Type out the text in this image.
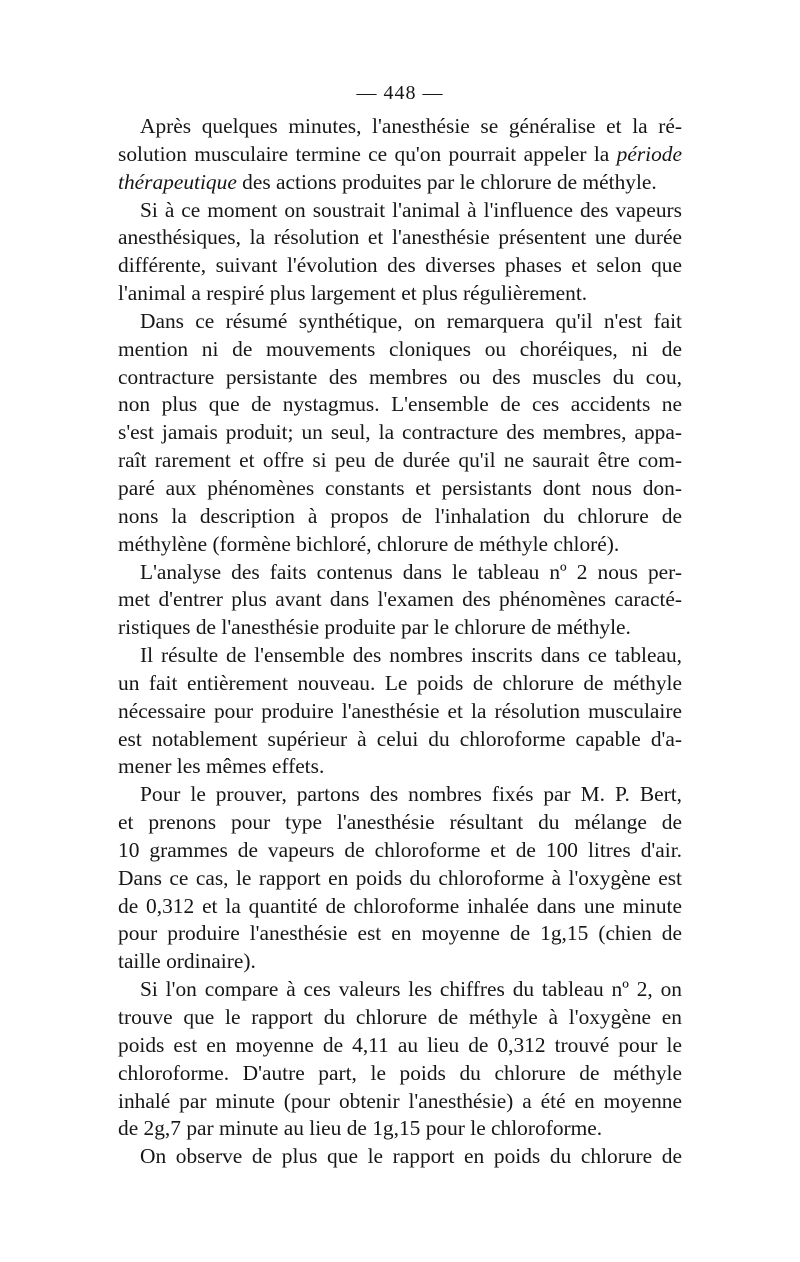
— 448 —
Après quelques minutes, l'anesthésie se généralise et la ré-
solution musculaire termine ce qu'on pourrait appeler la période
thérapeutique des actions produites par le chlorure de méthyle.
Si à ce moment on soustrait l'animal à l'influence des vapeurs
anesthésiques, la résolution et l'anesthésie présentent une durée
différente, suivant l'évolution des diverses phases et selon que
l'animal a respiré plus largement et plus régulièrement.
Dans ce résumé synthétique, on remarquera qu'il n'est fait
mention ni de mouvements cloniques ou choréiques, ni de
contracture persistante des membres ou des muscles du cou,
non plus que de nystagmus. L'ensemble de ces accidents ne
s'est jamais produit; un seul, la contracture des membres, appa-
raît rarement et offre si peu de durée qu'il ne saurait être com-
paré aux phénomènes constants et persistants dont nous don-
nons la description à propos de l'inhalation du chlorure de
méthylène (formène bichloré, chlorure de méthyle chloré).
L'analyse des faits contenus dans le tableau nº 2 nous per-
met d'entrer plus avant dans l'examen des phénomènes caracté-
ristiques de l'anesthésie produite par le chlorure de méthyle.
Il résulte de l'ensemble des nombres inscrits dans ce tableau,
un fait entièrement nouveau. Le poids de chlorure de méthyle
nécessaire pour produire l'anesthésie et la résolution musculaire
est notablement supérieur à celui du chloroforme capable d'a-
mener les mêmes effets.
Pour le prouver, partons des nombres fixés par M. P. Bert,
et prenons pour type l'anesthésie résultant du mélange de
10 grammes de vapeurs de chloroforme et de 100 litres d'air.
Dans ce cas, le rapport en poids du chloroforme à l'oxygène est
de 0,312 et la quantité de chloroforme inhalée dans une minute
pour produire l'anesthésie est en moyenne de 1g,15 (chien de
taille ordinaire).
Si l'on compare à ces valeurs les chiffres du tableau nº 2, on
trouve que le rapport du chlorure de méthyle à l'oxygène en
poids est en moyenne de 4,11 au lieu de 0,312 trouvé pour le
chloroforme. D'autre part, le poids du chlorure de méthyle
inhalé par minute (pour obtenir l'anesthésie) a été en moyenne
de 2g,7 par minute au lieu de 1g,15 pour le chloroforme.
On observe de plus que le rapport en poids du chlorure de
